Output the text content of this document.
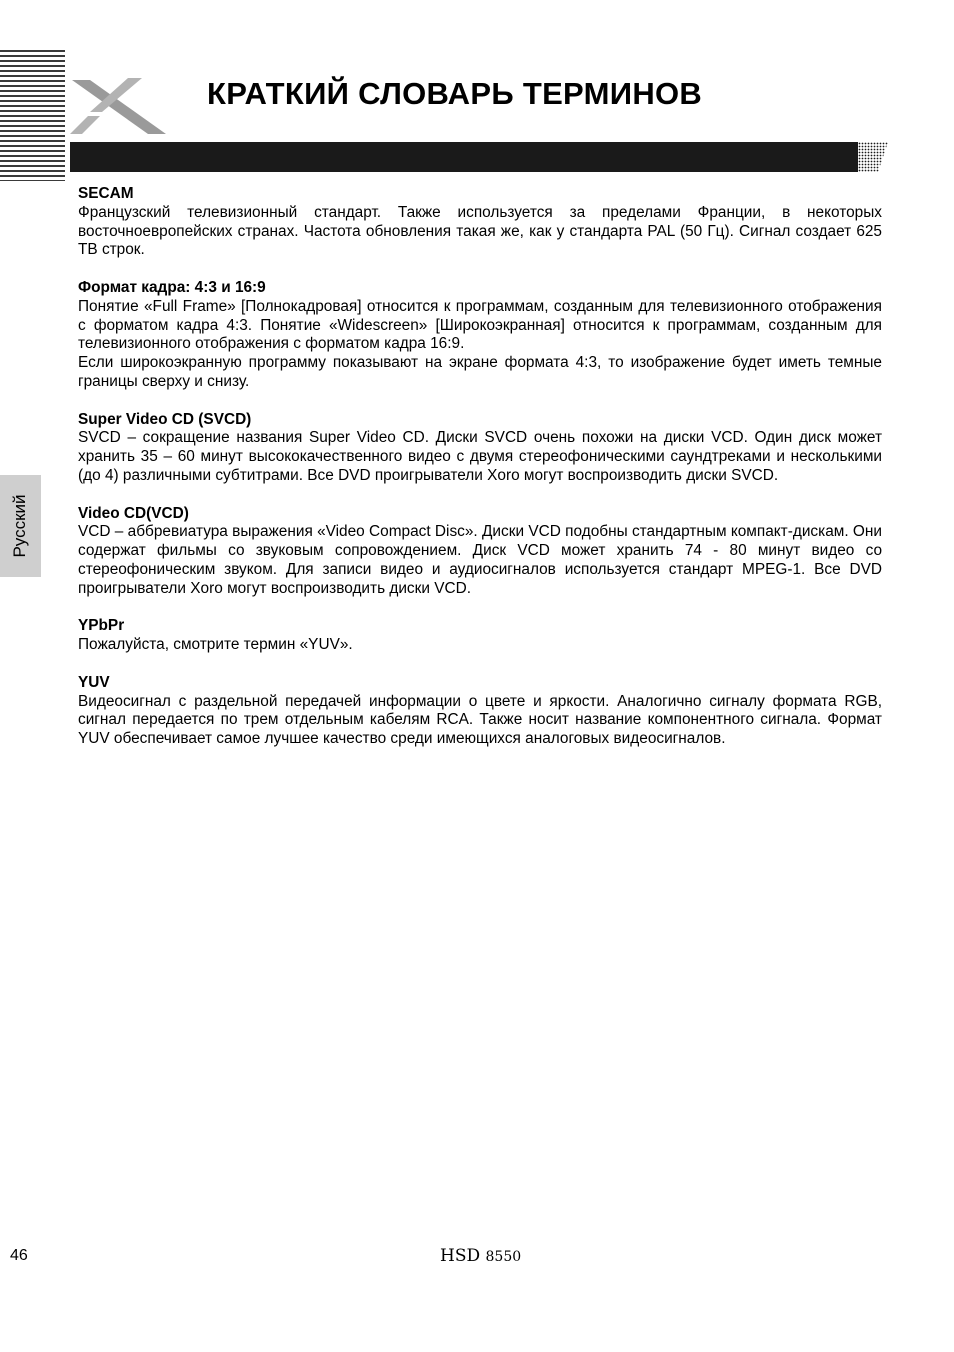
КРАТКИЙ СЛОВАРЬ ТЕРМИНОВ
Русский
SECAM
Французский телевизионный стандарт. Также используется за пределами Франции, в некоторых восточноевропейских странах. Частота обновления такая же, как у стандарта PAL (50 Гц). Сигнал создает 625 ТВ строк.
Формат кадра: 4:3 и 16:9
Понятие «Full Frame» [Полнокадровая] относится к программам, созданным для телевизионного отображения с форматом кадра 4:3. Понятие «Widescreen» [Широкоэкранная] относится к программам, созданным для телевизионного отображения с форматом кадра 16:9.
Если широкоэкранную программу показывают на экране формата 4:3, то изображение будет иметь темные границы сверху и снизу.
Super Video CD (SVCD)
SVCD – сокращение названия Super Video CD. Диски SVCD очень похожи на диски VCD. Один диск может хранить 35 – 60 минут высококачественного видео с двумя стереофоническими саундтреками и несколькими (до 4) различными субтитрами. Все DVD проигрыватели Xoro могут воспроизводить диски SVCD.
Video CD(VCD)
VCD – аббревиатура выражения «Video Compact Disc». Диски VCD подобны стандартным компакт-дискам. Они содержат фильмы со звуковым сопровождением. Диск VCD может хранить 74 - 80 минут видео со стереофоническим звуком. Для записи видео и аудиосигналов используется стандарт MPEG-1. Все DVD проигрыватели Xoro могут воспроизводить диски VCD.
YPbPr
Пожалуйста, смотрите термин «YUV».
YUV
Видеосигнал с раздельной передачей информации о цвете и яркости. Аналогично сигналу формата RGB, сигнал передается по трем отдельным кабелям RCA. Также носит название компонентного сигнала. Формат YUV обеспечивает самое лучшее качество среди имеющихся аналоговых видеосигналов.
46	HSD 8550
